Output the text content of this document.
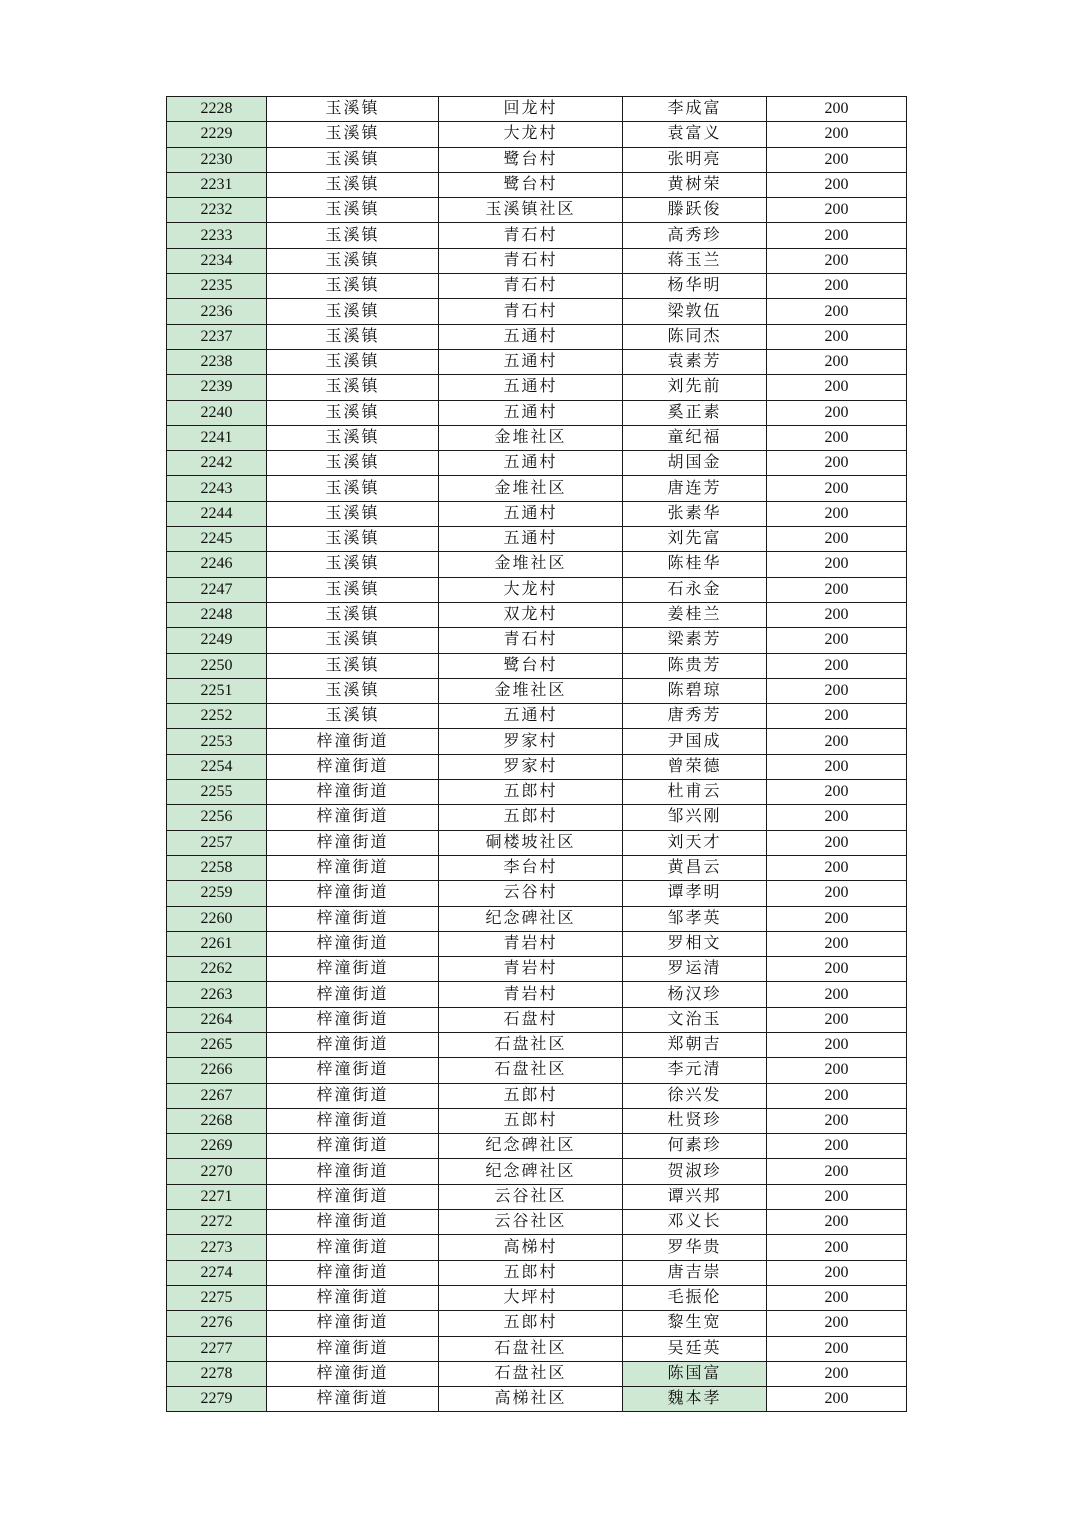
2228	玉溪镇	回龙村	李成富	200
2229	玉溪镇	大龙村	袁富义	200
2230	玉溪镇	鹭台村	张明亮	200
2231	玉溪镇	鹭台村	黄树荣	200
2232	玉溪镇	玉溪镇社区	滕跃俊	200
2233	玉溪镇	青石村	高秀珍	200
2234	玉溪镇	青石村	蒋玉兰	200
2235	玉溪镇	青石村	杨华明	200
2236	玉溪镇	青石村	梁敦伍	200
2237	玉溪镇	五通村	陈同杰	200
2238	玉溪镇	五通村	袁素芳	200
2239	玉溪镇	五通村	刘先前	200
2240	玉溪镇	五通村	奚正素	200
2241	玉溪镇	金堆社区	童纪福	200
2242	玉溪镇	五通村	胡国金	200
2243	玉溪镇	金堆社区	唐连芳	200
2244	玉溪镇	五通村	张素华	200
2245	玉溪镇	五通村	刘先富	200
2246	玉溪镇	金堆社区	陈桂华	200
2247	玉溪镇	大龙村	石永金	200
2248	玉溪镇	双龙村	姜桂兰	200
2249	玉溪镇	青石村	梁素芳	200
2250	玉溪镇	鹭台村	陈贵芳	200
2251	玉溪镇	金堆社区	陈碧琼	200
2252	玉溪镇	五通村	唐秀芳	200
2253	梓潼街道	罗家村	尹国成	200
2254	梓潼街道	罗家村	曾荣德	200
2255	梓潼街道	五郎村	杜甫云	200
2256	梓潼街道	五郎村	邹兴刚	200
2257	梓潼街道	硐楼坡社区	刘天才	200
2258	梓潼街道	李台村	黄昌云	200
2259	梓潼街道	云谷村	谭孝明	200
2260	梓潼街道	纪念碑社区	邹孝英	200
2261	梓潼街道	青岩村	罗相文	200
2262	梓潼街道	青岩村	罗运清	200
2263	梓潼街道	青岩村	杨汉珍	200
2264	梓潼街道	石盘村	文治玉	200
2265	梓潼街道	石盘社区	郑朝吉	200
2266	梓潼街道	石盘社区	李元清	200
2267	梓潼街道	五郎村	徐兴发	200
2268	梓潼街道	五郎村	杜贤珍	200
2269	梓潼街道	纪念碑社区	何素珍	200
2270	梓潼街道	纪念碑社区	贺淑珍	200
2271	梓潼街道	云谷社区	谭兴邦	200
2272	梓潼街道	云谷社区	邓义长	200
2273	梓潼街道	高梯村	罗华贵	200
2274	梓潼街道	五郎村	唐吉崇	200
2275	梓潼街道	大坪村	毛振伦	200
2276	梓潼街道	五郎村	黎生宽	200
2277	梓潼街道	石盘社区	吴廷英	200
2278	梓潼街道	石盘社区	陈国富	200
2279	梓潼街道	高梯社区	魏本孝	200
